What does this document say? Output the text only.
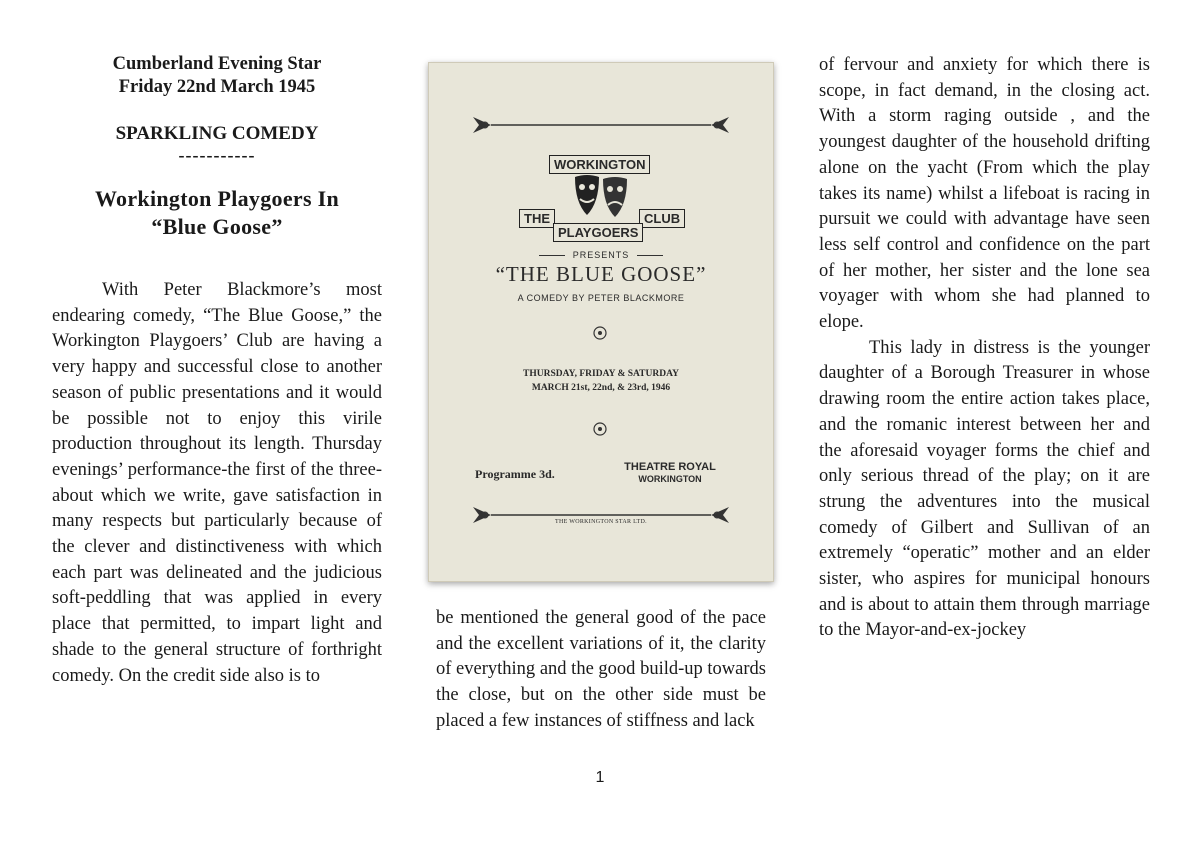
Cumberland Evening Star
Friday 22nd March 1945
SPARKLING COMEDY
-----------
Workington Playgoers In
“Blue Goose”

With Peter Blackmore’s most endearing comedy, “The Blue Goose,” the Workington Playgoers’ Club are having a very happy and successful close to another season of public presentations and it would be possible not to enjoy this virile production throughout its length. Thursday evenings’ performance-the first of the three-about which we write, gave satisfaction in many respects but particularly because of the clever and distinctiveness with which each part was delineated and the judicious soft-peddling that was applied in every place that permitted, to impart light and shade to the general structure of forthright comedy. On the credit side also is to

WORKINGTON
THE	CLUB
PLAYGOERS
PRESENTS
“THE BLUE GOOSE”
A COMEDY BY PETER BLACKMORE
THURSDAY, FRIDAY & SATURDAY
MARCH 21st, 22nd, & 23rd, 1946
Programme 3d.	THEATRE ROYAL
WORKINGTON
THE WORKINGTON STAR LTD.

be mentioned the general good of the pace and the excellent variations of it, the clarity of everything and the good build-up towards the close, but on the other side must be placed a few instances of stiffness and lack

of fervour and anxiety for which there is scope, in fact demand, in the closing act. With a storm raging outside , and the youngest daughter of the household drifting alone on the yacht (From which the play takes its name) whilst a lifeboat is racing in pursuit we could with advantage have seen less self control and confidence on the part of her mother, her sister and the lone sea voyager with whom she had planned to elope.

This lady in distress is the younger daughter of a Borough Treasurer in whose drawing room the entire action takes place, and the romanic interest between her and the aforesaid voyager forms the chief and only serious thread of the play; on it are strung the adventures into the musical comedy of Gilbert and Sullivan of an extremely “operatic” mother and an elder sister, who aspires for municipal honours and is about to attain them through marriage to the Mayor-and-ex-jockey

1
